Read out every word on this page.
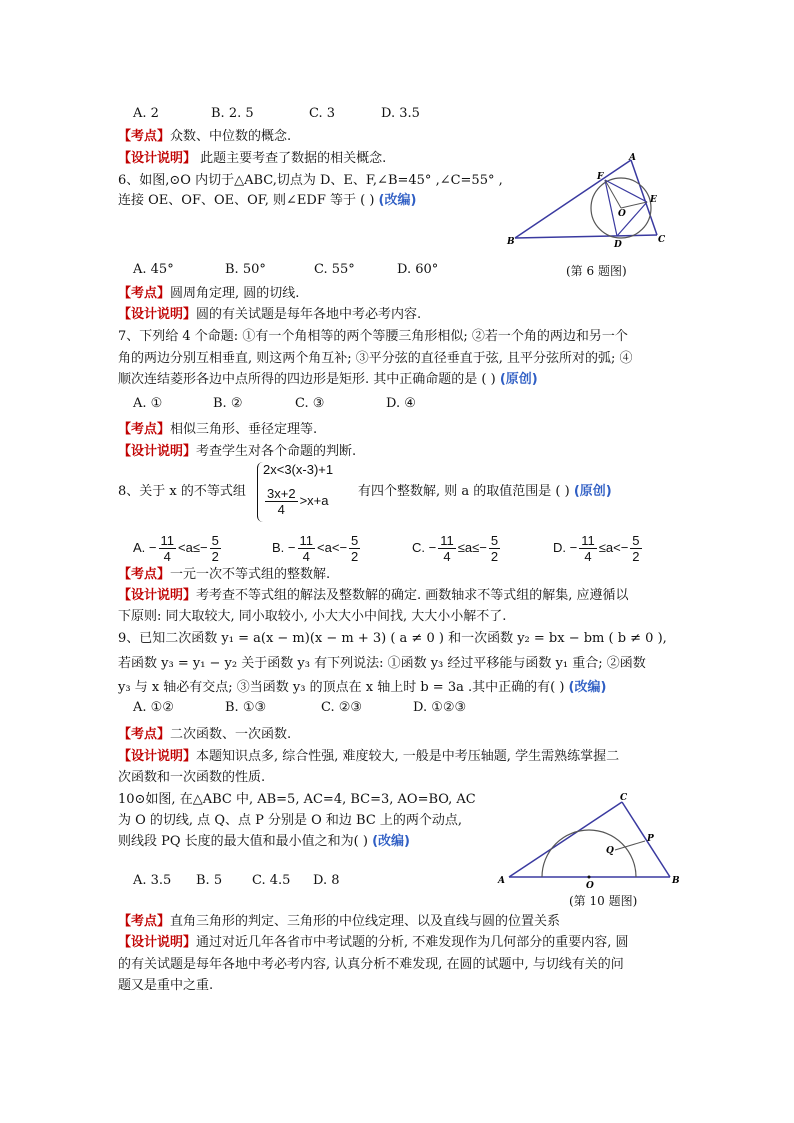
A. 2	B. 2. 5	C. 3	D. 3.5
【考点】众数、中位数的概念.
【设计说明】 此题主要考查了数据的相关概念.
6、如图,⊙O 内切于△ABC,切点为 D、E、F,∠B=45° ,∠C=55° ,
连接 OE、OF、OE、OF, 则∠EDF 等于 ( ) (改编)
A
B	C
D
E
F
O
(第 6 题图)
A. 45°	B. 50°	C. 55°	D. 60°
【考点】圆周角定理, 圆的切线.
【设计说明】圆的有关试题是每年各地中考必考内容.
7、下列给 4 个命题: ①有一个角相等的两个等腰三角形相似; ②若一个角的两边和另一个
角的两边分别互相垂直, 则这两个角互补; ③平分弦的直径垂直于弦, 且平分弦所对的弧; ④
顺次连结菱形各边中点所得的四边形是矩形. 其中正确命题的是 ( ) (原创)
A. ①	B. ②	C. ③	D. ④
【考点】相似三角形、垂径定理等.
【设计说明】考查学生对各个命题的判断.
8、关于 x 的不等式组
2x<3(x-3)+1
$\frac{3x+2}{4} >x+a$
有四个整数解, 则 a 的取值范围是 ( ) (原创)
A. − $\frac{11}{4} <a\le- \frac{5}{2}$	B. − $\frac{11}{4} <a<- \frac{5}{2}$	C. − $\frac{11}{4} \le a\le- \frac{5}{2}$	D. − $\frac{11}{4} \le a<- \frac{5}{2}$
【考点】一元一次不等式组的整数解.
【设计说明】考考查不等式组的解法及整数解的确定. 画数轴求不等式组的解集, 应遵循以
下原则: 同大取较大, 同小取较小, 小大大小中间找, 大大小小解不了.
9、已知二次函数 y₁ = a(x − m)(x − m + 3) ( a ≠ 0 ) 和一次函数 y₂ = bx − bm ( b ≠ 0 ),
若函数 y₃ = y₁ − y₂ 关于函数 y₃ 有下列说法: ①函数 y₃ 经过平移能与函数 y₁ 重合; ②函数
y₃ 与 x 轴必有交点; ③当函数 y₃ 的顶点在 x 轴上时 b = 3a .其中正确的有( ) (改编)
A. ①②	B. ①③	C. ②③	D. ①②③
【考点】二次函数、一次函数.
【设计说明】本题知识点多, 综合性强, 难度较大, 一般是中考压轴题, 学生需熟练掌握二
次函数和一次函数的性质.
10⊙如图, 在△ABC 中, AB=5, AC=4, BC=3, AO=BO, AC
为 O 的切线, 点 Q、点 P 分别是 O 和边 BC 上的两个动点,
则线段 PQ 长度的最大值和最小值之和为( ) (改编)
C
A	B
O
P
Q
(第 10 题图)
A. 3.5 B. 5 C. 4.5 D. 8
【考点】直角三角形的判定、三角形的中位线定理、以及直线与圆的位置关系
【设计说明】通过对近几年各省市中考试题的分析, 不难发现作为几何部分的重要内容, 圆
的有关试题是每年各地中考必考内容, 认真分析不难发现, 在圆的试题中, 与切线有关的问
题又是重中之重.
